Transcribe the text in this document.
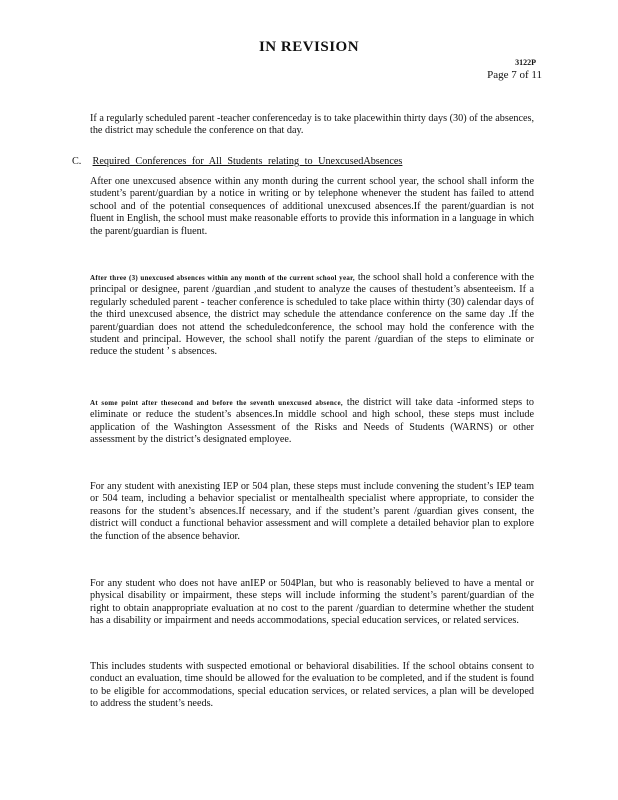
IN REVISION
3122P
Page 7 of 11

If a regularly scheduled parent -teacher conferenceday is to take placewithin thirty days (30) of the absences, the district may schedule the conference on that day.

C. Required Conferences for All Students relating to UnexcusedAbsences

After one unexcused absence within any month during the current school year, the school shall inform the student’s parent/guardian by a notice in writing or by telephone whenever the student has failed to attend school and of the potential consequences of additional unexcused absences.If the parent/guardian is not fluent in English, the school must make reasonable efforts to provide this information in a language in which the parent/guardian is fluent.

After three (3) unexcused absences within any month of the current school year, the school shall hold a conference with the principal or designee, parent /guardian ,and student to analyze the causes of thestudent’s absenteeism. If a regularly scheduled parent - teacher conference is scheduled to take place within thirty (30) calendar days of the third unexcused absence, the district may schedule the attendance conference on the same day .If the parent/guardian does not attend the scheduledconference, the school may hold the conference with the student and principal. However, the school shall notify the parent /guardian of the steps to eliminate or reduce the student ’ s absences.

At some point after thesecond and before the seventh unexcused absence, the district will take data -informed steps to eliminate or reduce the student’s absences.In middle school and high school, these steps must include application of the Washington Assessment of the Risks and Needs of Students (WARNS) or other assessment by the district’s designated employee.

For any student with anexisting IEP or 504 plan, these steps must include convening the student’s IEP team or 504 team, including a behavior specialist or mentalhealth specialist where appropriate, to consider the reasons for the student’s absences.If necessary, and if the student’s parent /guardian gives consent, the district will conduct a functional behavior assessment and will complete a detailed behavior plan to explore the function of the absence behavior.

For any student who does not have anIEP or 504Plan, but who is reasonably believed to have a mental or physical disability or impairment, these steps will include informing the student’s parent/guardian of the right to obtain anappropriate evaluation at no cost to the parent /guardian to determine whether the student has a disability or impairment and needs accommodations, special education services, or related services.

This includes students with suspected emotional or behavioral disabilities. If the school obtains consent to conduct an evaluation, time should be allowed for the evaluation to be completed, and if the student is found to be eligible for accommodations, special education services, or related services, a plan will be developed to address the student’s needs.
